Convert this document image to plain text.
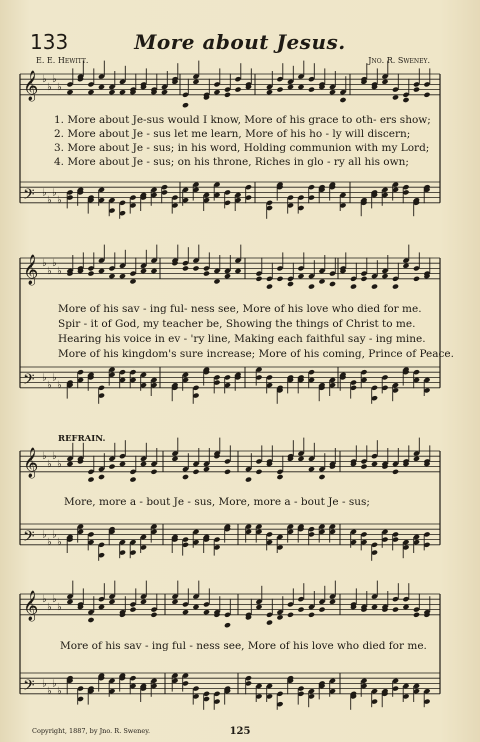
133	More about Jesus.
E. E. Hewitt.	Jno. R. Sweney.
1. More about Je-sus would I know, More of his grace to oth- ers show;
2. More about Je - sus let me learn, More of his ho - ly will discern;
3. More about Je - sus; in his word, Holding communion with my Lord;
4. More about Je - sus; on his throne, Riches in glo - ry all his own;
More of his sav - ing ful- ness see, More of his love who died for me.
Spir - it of God, my teacher be, Showing the things of Christ to me.
Hearing his voice in ev - 'ry line, Making each faithful say - ing mine.
More of his kingdom's sure increase; More of his coming, Prince of Peace.
REFRAIN.
More, more a - bout Je - sus, More, more a - bout Je - sus;
More of his sav - ing ful - ness see, More of his love who died for me.
Copyright, 1887, by Jno. R. Sweney.	125
𝄞 ♭
♭
♭
♭
𝄢 ♭
♭
♭
♭
𝄞 ♭
♭
♭
♭
𝄢 ♭
♭
♭
♭
𝄞 ♭
♭
♭
♭
𝄢 ♭
♭
♭
♭
𝄞 ♭
♭
♭
♭
𝄢 ♭
♭
♭
♭
